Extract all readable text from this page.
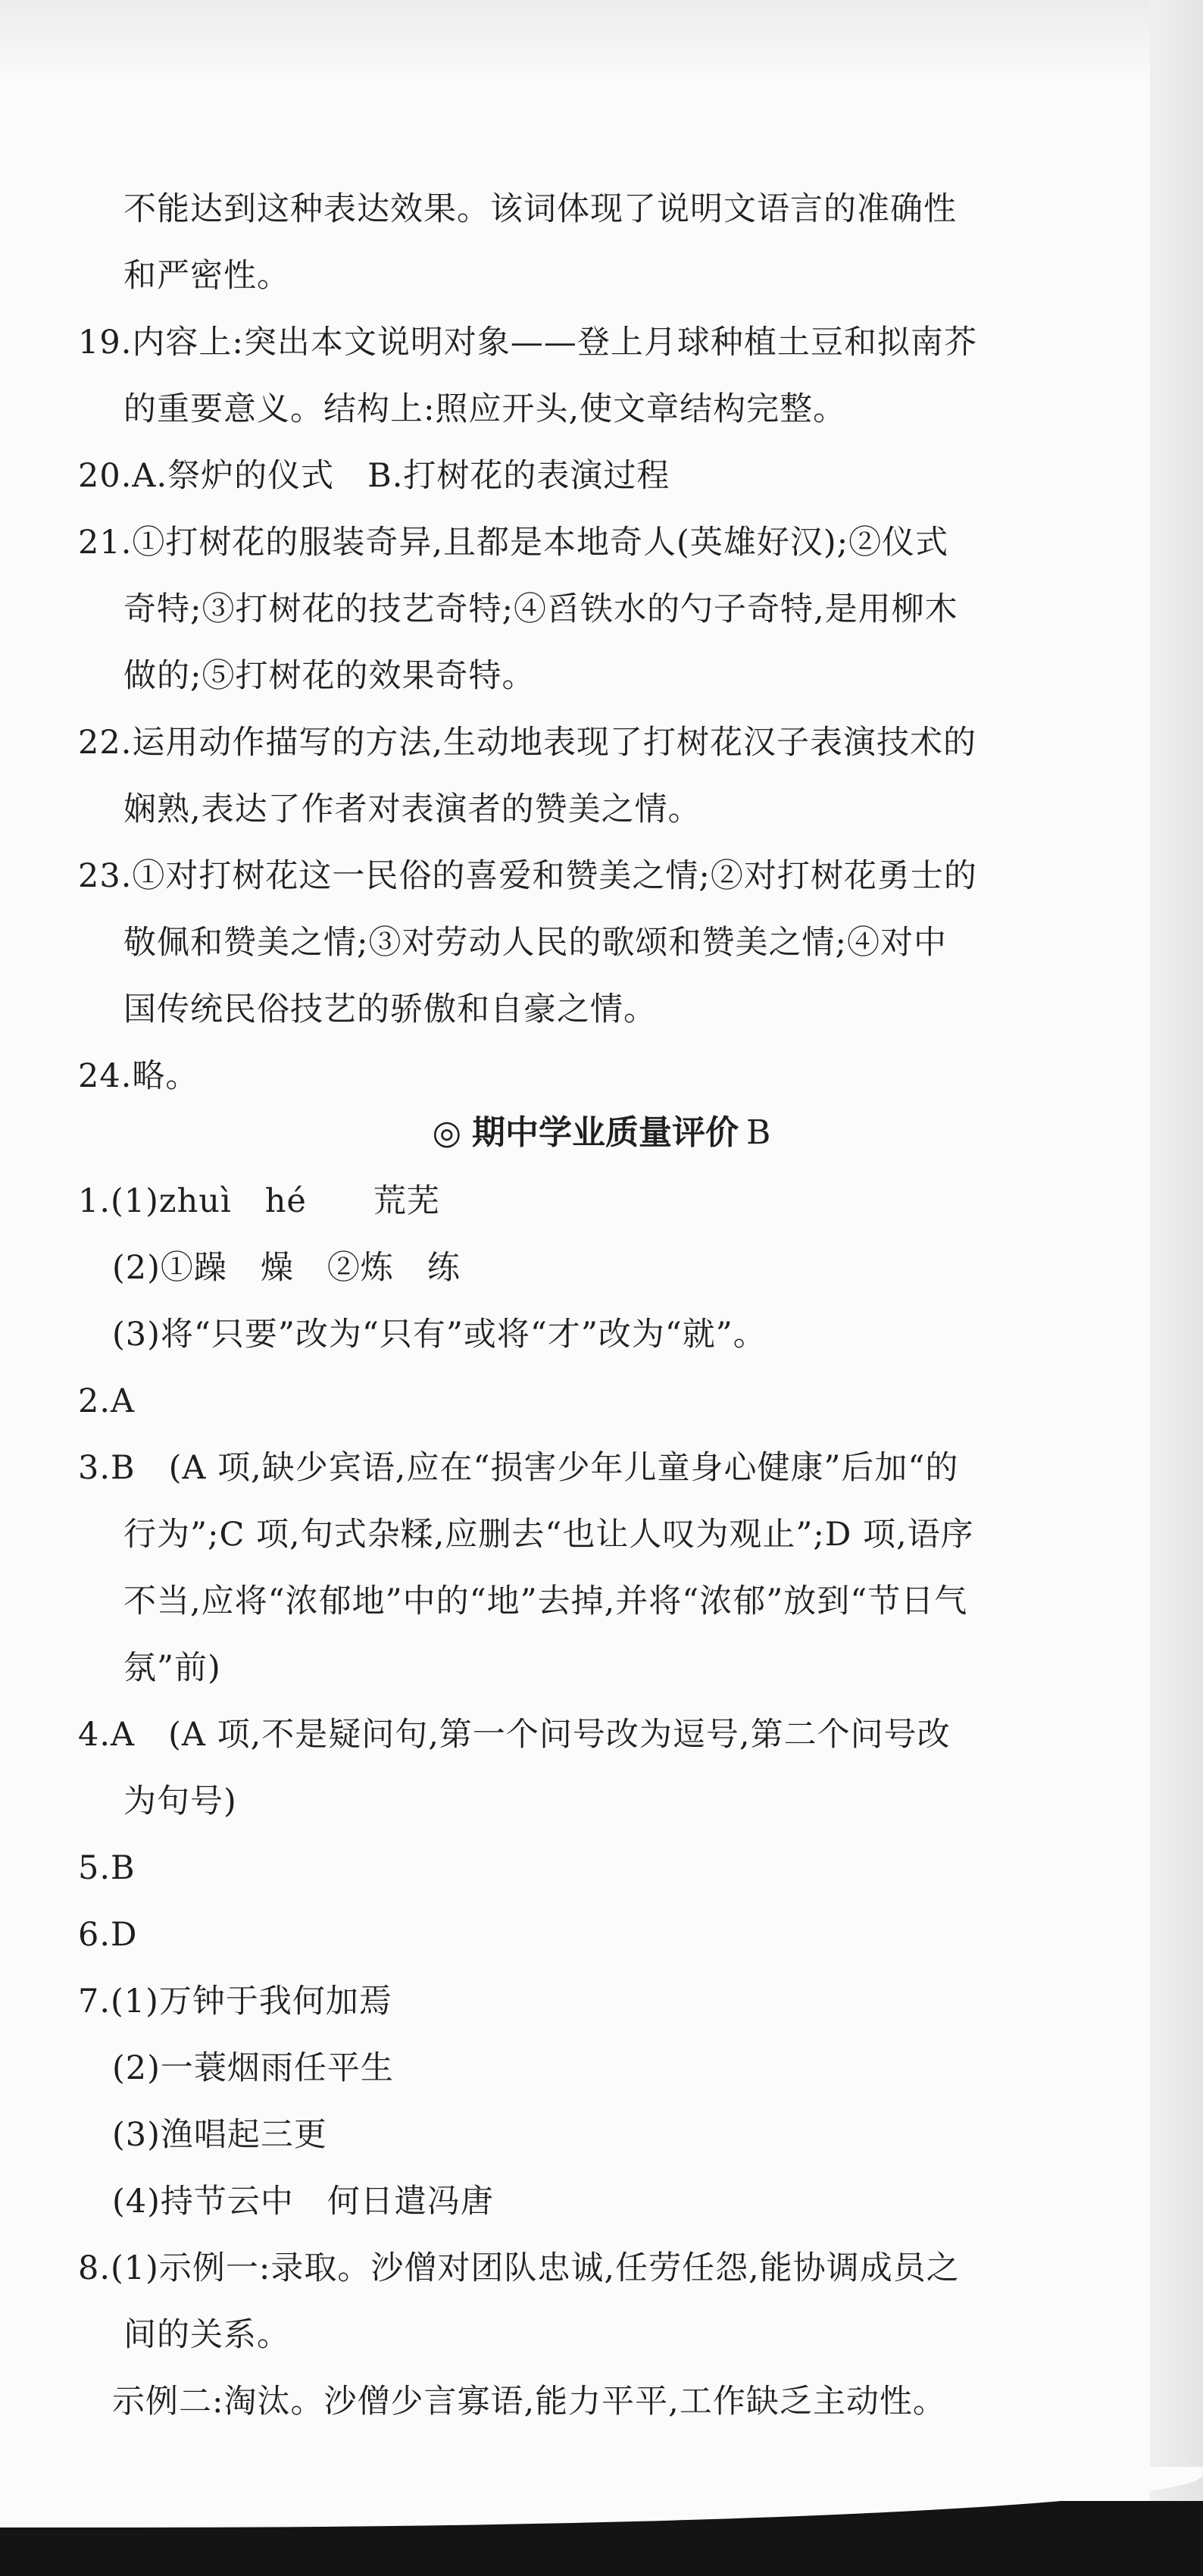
不能达到这种表达效果。该词体现了说明文语言的准确性
和严密性。
19.内容上:突出本文说明对象——登上月球种植土豆和拟南芥
的重要意义。结构上:照应开头,使文章结构完整。
20.A.祭炉的仪式　B.打树花的表演过程
21.①打树花的服装奇异,且都是本地奇人(英雄好汉);②仪式
奇特;③打树花的技艺奇特;④舀铁水的勺子奇特,是用柳木
做的;⑤打树花的效果奇特。
22.运用动作描写的方法,生动地表现了打树花汉子表演技术的
娴熟,表达了作者对表演者的赞美之情。
23.①对打树花这一民俗的喜爱和赞美之情;②对打树花勇士的
敬佩和赞美之情;③对劳动人民的歌颂和赞美之情;④对中
国传统民俗技艺的骄傲和自豪之情。
24.略。
◎ 期中学业质量评价 B
1.(1)zhuì　hé　　荒芜
(2)①躁　燥　②炼　练
(3)将“只要”改为“只有”或将“才”改为“就”。
2.A
3.B　(A 项,缺少宾语,应在“损害少年儿童身心健康”后加“的
行为”;C 项,句式杂糅,应删去“也让人叹为观止”;D 项,语序
不当,应将“浓郁地”中的“地”去掉,并将“浓郁”放到“节日气
氛”前)
4.A　(A 项,不是疑问句,第一个问号改为逗号,第二个问号改
为句号)
5.B
6.D
7.(1)万钟于我何加焉
(2)一蓑烟雨任平生
(3)渔唱起三更
(4)持节云中　何日遣冯唐
8.(1)示例一:录取。沙僧对团队忠诚,任劳任怨,能协调成员之
间的关系。
示例二:淘汰。沙僧少言寡语,能力平平,工作缺乏主动性。
